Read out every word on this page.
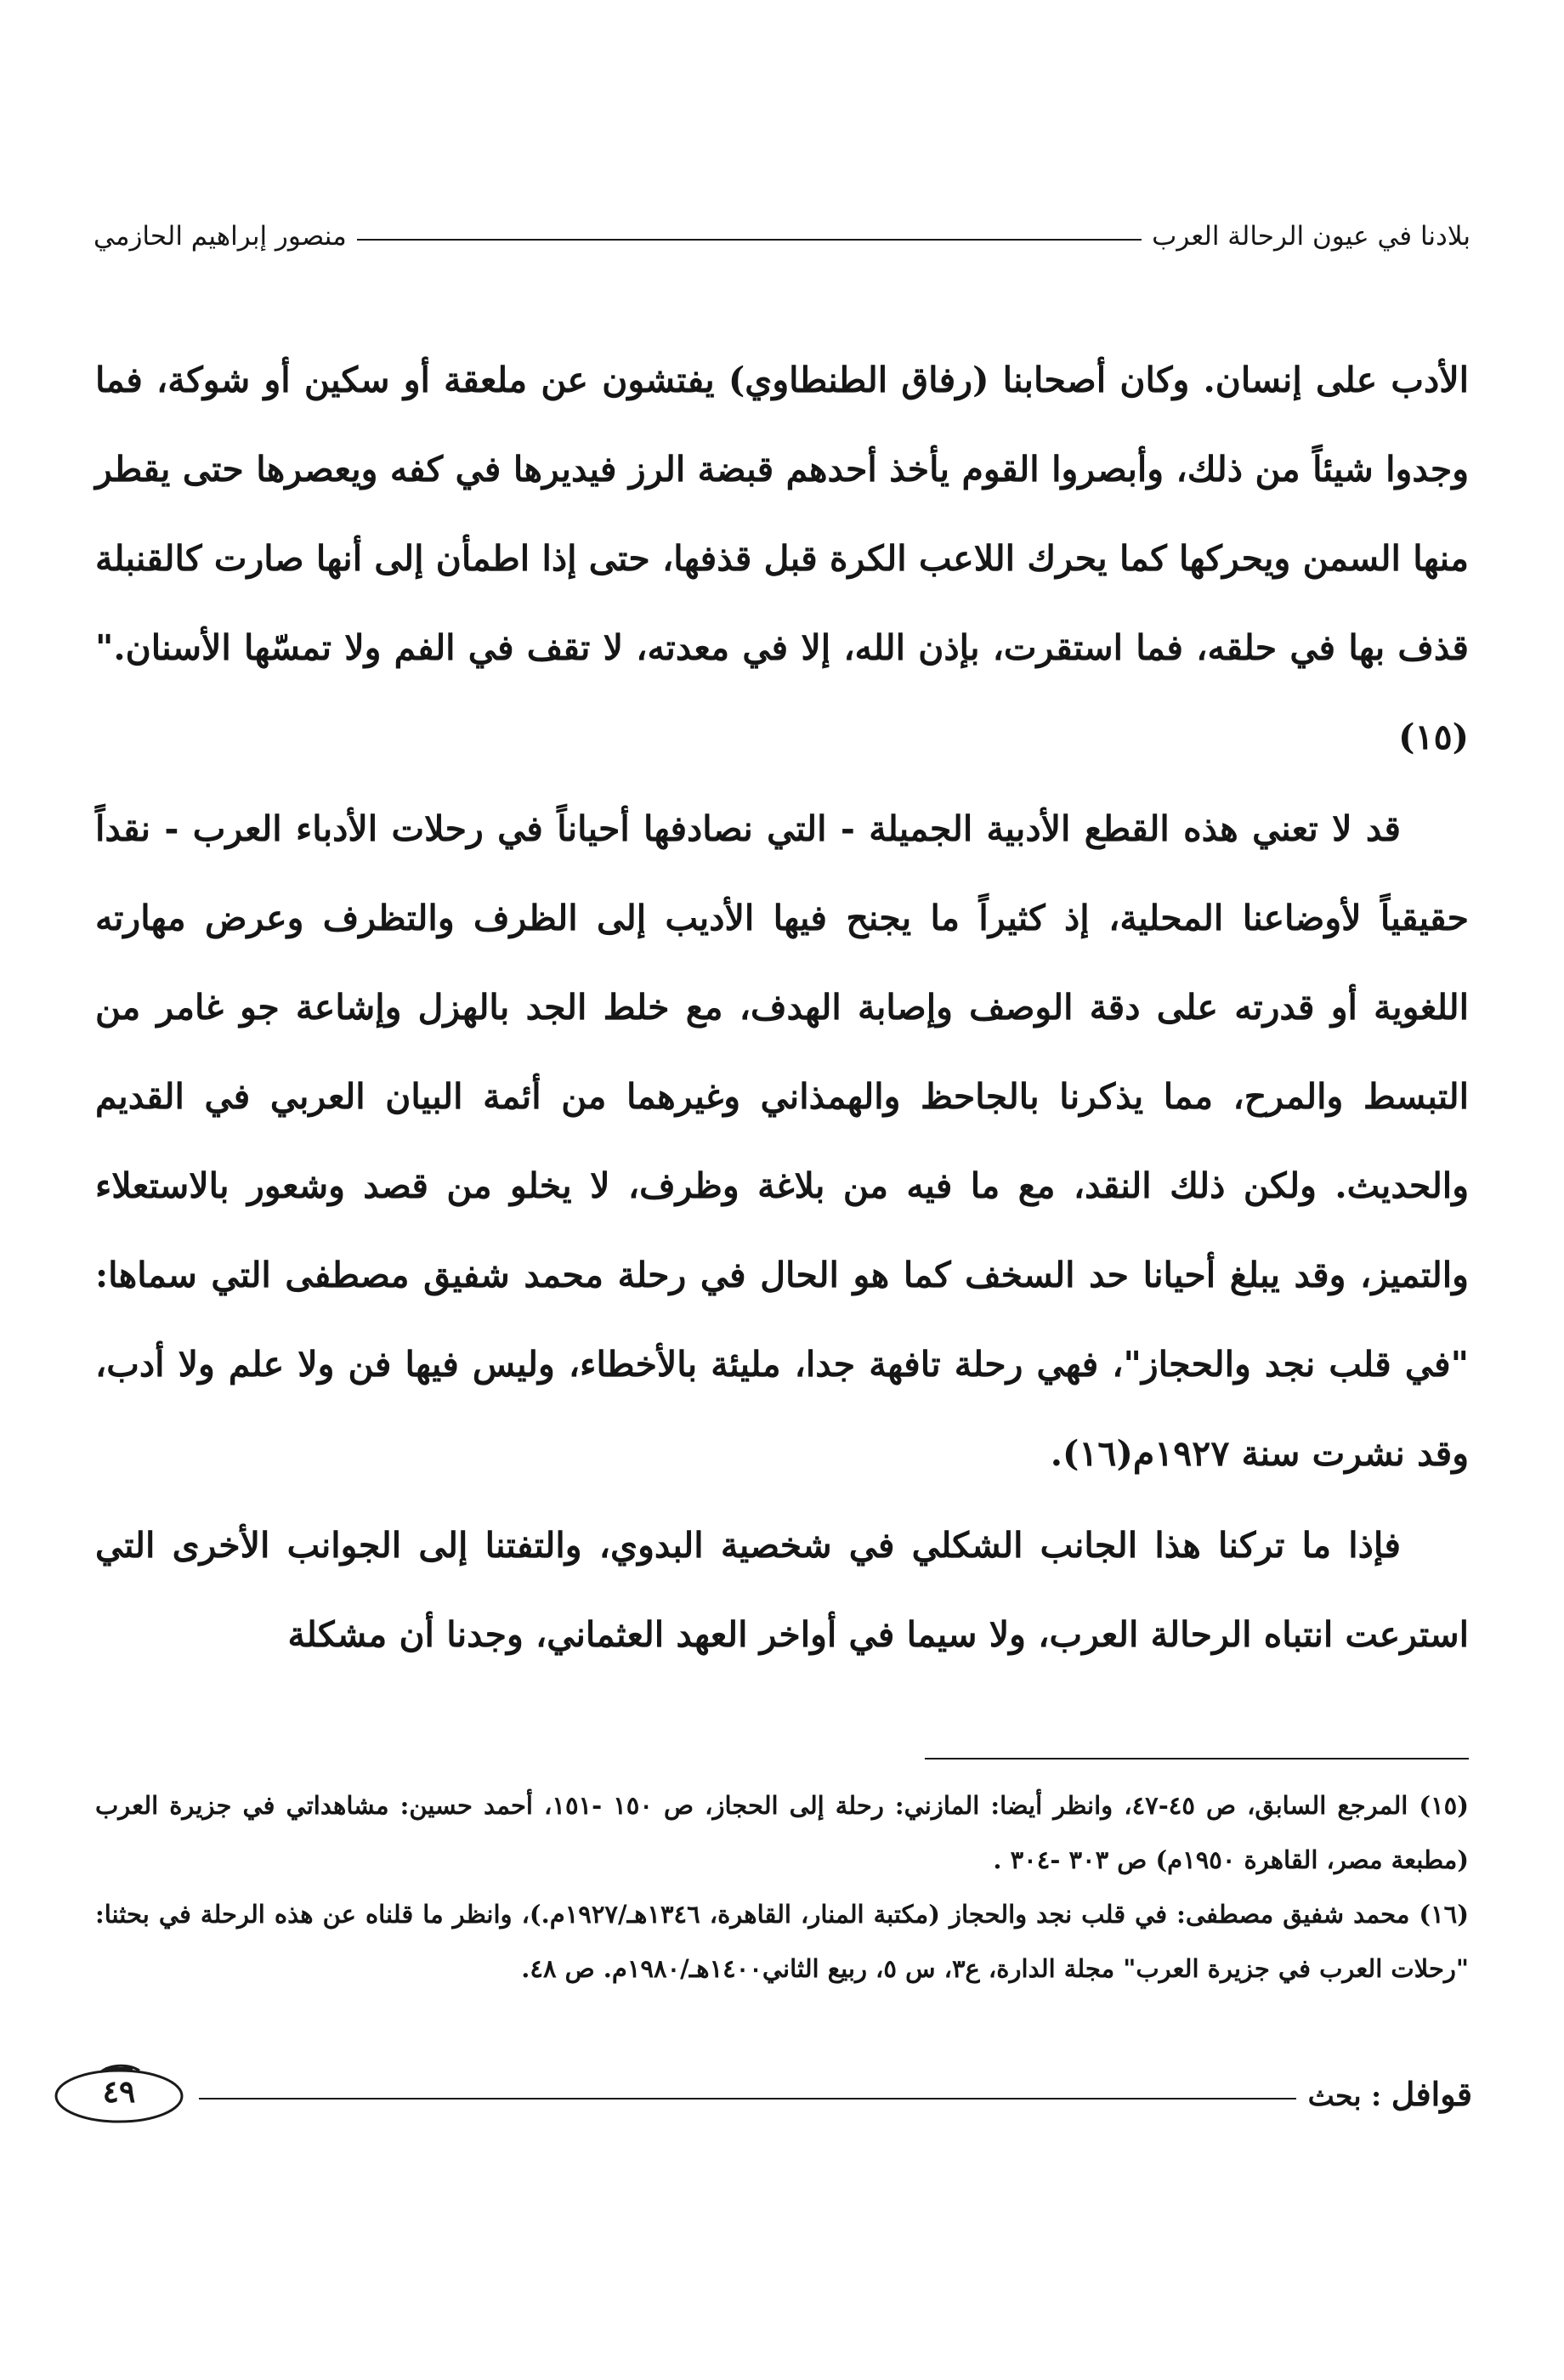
بلادنا في عيون الرحالة العرب
منصور إبراهيم الحازمي

الأدب على إنسان. وكان أصحابنا (رفاق الطنطاوي) يفتشون عن ملعقة أو سكين أو شوكة، فما وجدوا شيئاً من ذلك، وأبصروا القوم يأخذ أحدهم قبضة الرز فيديرها في كفه ويعصرها حتى يقطر منها السمن ويحركها كما يحرك اللاعب الكرة قبل قذفها، حتى إذا اطمأن إلى أنها صارت كالقنبلة قذف بها في حلقه، فما استقرت، بإذن الله، إلا في معدته، لا تقف في الفم ولا تمسّها الأسنان." (١٥)

قد لا تعني هذه القطع الأدبية الجميلة - التي نصادفها أحياناً في رحلات الأدباء العرب - نقداً حقيقياً لأوضاعنا المحلية، إذ كثيراً ما يجنح فيها الأديب إلى الظرف والتظرف وعرض مهارته اللغوية أو قدرته على دقة الوصف وإصابة الهدف، مع خلط الجد بالهزل وإشاعة جو غامر من التبسط والمرح، مما يذكرنا بالجاحظ والهمذاني وغيرهما من أئمة البيان العربي في القديم والحديث. ولكن ذلك النقد، مع ما فيه من بلاغة وظرف، لا يخلو من قصد وشعور بالاستعلاء والتميز، وقد يبلغ أحيانا حد السخف كما هو الحال في رحلة محمد شفيق مصطفى التي سماها: "في قلب نجد والحجاز"، فهي رحلة تافهة جدا، مليئة بالأخطاء، وليس فيها فن ولا علم ولا أدب، وقد نشرت سنة ١٩٢٧م(١٦).

فإذا ما تركنا هذا الجانب الشكلي في شخصية البدوي، والتفتنا إلى الجوانب الأخرى التي استرعت انتباه الرحالة العرب، ولا سيما في أواخر العهد العثماني، وجدنا أن مشكلة

(١٥) المرجع السابق، ص ٤٥-٤٧، وانظر أيضا: المازني: رحلة إلى الحجاز، ص ١٥٠ -١٥١، أحمد حسين: مشاهداتي في جزيرة العرب (مطبعة مصر، القاهرة ١٩٥٠م) ص ٣٠٣ -٣٠٤ .

(١٦) محمد شفيق مصطفى: في قلب نجد والحجاز (مكتبة المنار، القاهرة، ١٣٤٦هـ/١٩٢٧م.)، وانظر ما قلناه عن هذه الرحلة في بحثنا: "رحلات العرب في جزيرة العرب" مجلة الدارة، ع٣، س ٥، ربيع الثاني١٤٠٠هـ/١٩٨٠م. ص ٤٨.

قوافل : بحث
٤٩
